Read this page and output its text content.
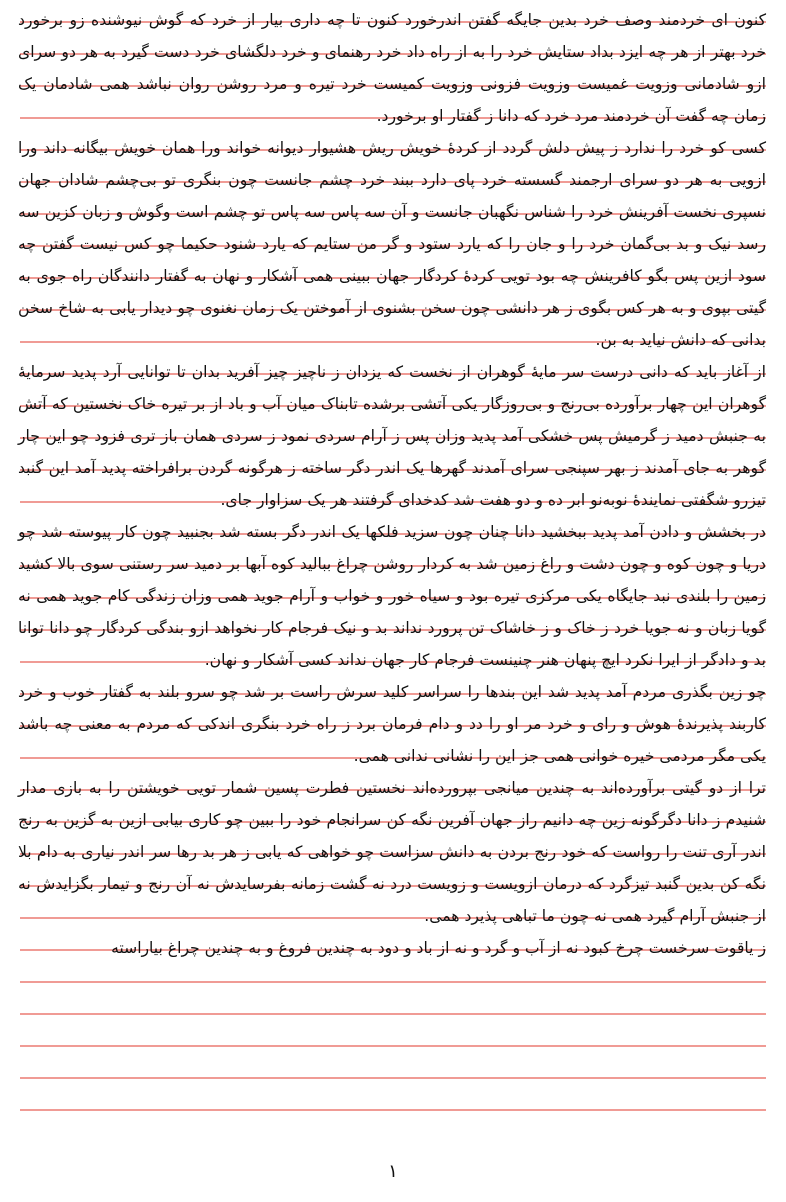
کنون ای خردمند وصف خرد بدین جایگه گفتن اندرخورد کنون تا چه داری بیار از خرد که گوش نیوشنده زو برخورد خرد بهتر از هر چه ایزد بداد ستایش خرد را به از راه داد خرد رهنمای و خرد دلگشای خرد دست گیرد به هر دو سرای ازو شادمانی وزویت غمیست وزویت فزونی وزویت کمیست خرد تیره و مرد روشن روان نباشد همی شادمان یک زمان چه گفت آن خردمند مرد خرد که دانا ز گفتار او برخورد.

کسی کو خرد را ندارد ز پیش دلش گردد از کردهٔ خویش ریش هشیوار دیوانه خواند ورا همان خویش بیگانه داند ورا ازویی به هر دو سرای ارجمند گسسته خرد پای دارد ببند خرد چشم جانست چون بنگری تو بی‌چشم شادان جهان نسپری نخست آفرینش خرد را شناس نگهبان جانست و آن سه پاس سه پاس تو چشم است وگوش و زبان کزین سه رسد نیک و بد بی‌گمان خرد را و جان را که یارد ستود و گر من ستایم که یارد شنود حکیما چو کس نیست گفتن چه سود ازین پس بگو کافرینش چه بود تویی کردهٔ کردگار جهان ببینی همی آشکار و نهان به گفتار دانندگان راه جوی به گیتی بپوی و به هر کس بگوی ز هر دانشی چون سخن بشنوی از آموختن یک زمان نغنوی چو دیدار یابی به شاخ سخن بدانی که دانش نیاید به بن.

از آغاز باید که دانی درست سر مایهٔ گوهران از نخست که یزدان ز ناچیز چیز آفرید بدان تا توانایی آرد پدید سرمایهٔ گوهران این چهار برآورده بی‌رنج و بی‌روزگار یکی آتشی برشده تابناک میان آب و باد از بر تیره خاک نخستین که آتش به جنبش دمید ز گرمیش پس خشکی آمد پدید وزان پس ز آرام سردی نمود ز سردی همان باز تری فزود چو این چار گوهر به جای آمدند ز بهر سپنجی سرای آمدند گهرها یک اندر دگر ساخته ز هرگونه گردن برافراخته پدید آمد این گنبد تیزرو شگفتی نمایندهٔ نوبه‌نو ابر ده و دو هفت شد کدخدای گرفتند هر یک سزاوار جای.

در بخشش و دادن آمد پدید ببخشید دانا چنان چون سزید فلکها یک اندر دگر بسته شد بجنبید چون کار پیوسته شد چو دریا و چون کوه و چون دشت و راغ زمین شد به کردار روشن چراغ ببالید کوه آبها بر دمید سر رستنی سوی بالا کشید زمین را بلندی نبد جایگاه یکی مرکزی تیره بود و سیاه خور و خواب و آرام جوید همی وزان زندگی کام جوید همی نه گویا زبان و نه جویا خرد ز خاک و ز خاشاک تن پرورد نداند بد و نیک فرجام کار نخواهد ازو بندگی کردگار چو دانا توانا بد و دادگر از ایرا نکرد ایچ پنهان هنر چنینست فرجام کار جهان نداند کسی آشکار و نهان.

چو زین بگذری مردم آمد پدید شد این بندها را سراسر کلید سرش راست بر شد چو سرو بلند به گفتار خوب و خرد کاربند پذیرندهٔ هوش و رای و خرد مر او را دد و دام فرمان برد ز راه خرد بنگری اندکی که مردم به معنی چه باشد یکی مگر مردمی خیره خوانی همی جز این را نشانی ندانی همی.

ترا از دو گیتی برآورده‌اند به چندین میانجی بپرورده‌اند نخستین فطرت پسین شمار تویی خویشتن را به بازی مدار شنیدم ز دانا دگرگونه زین چه دانیم راز جهان آفرین نگه کن سرانجام خود را ببین چو کاری بیابی ازین به گزین به رنج اندر آری تنت را رواست که خود رنج بردن به دانش سزاست چو خواهی که یابی ز هر بد رها سر اندر نیاری به دام بلا نگه کن بدین گنبد تیزگرد که درمان ازویست و زویست درد نه گشت زمانه بفرسایدش نه آن رنج و تیمار بگزایدش نه از جنبش آرام گیرد همی نه چون ما تباهی پذیرد همی.

ز یاقوت سرخست چرخ کبود نه از آب و گرد و نه از باد و دود به چندین فروغ و به چندین چراغ بیاراسته

۱
